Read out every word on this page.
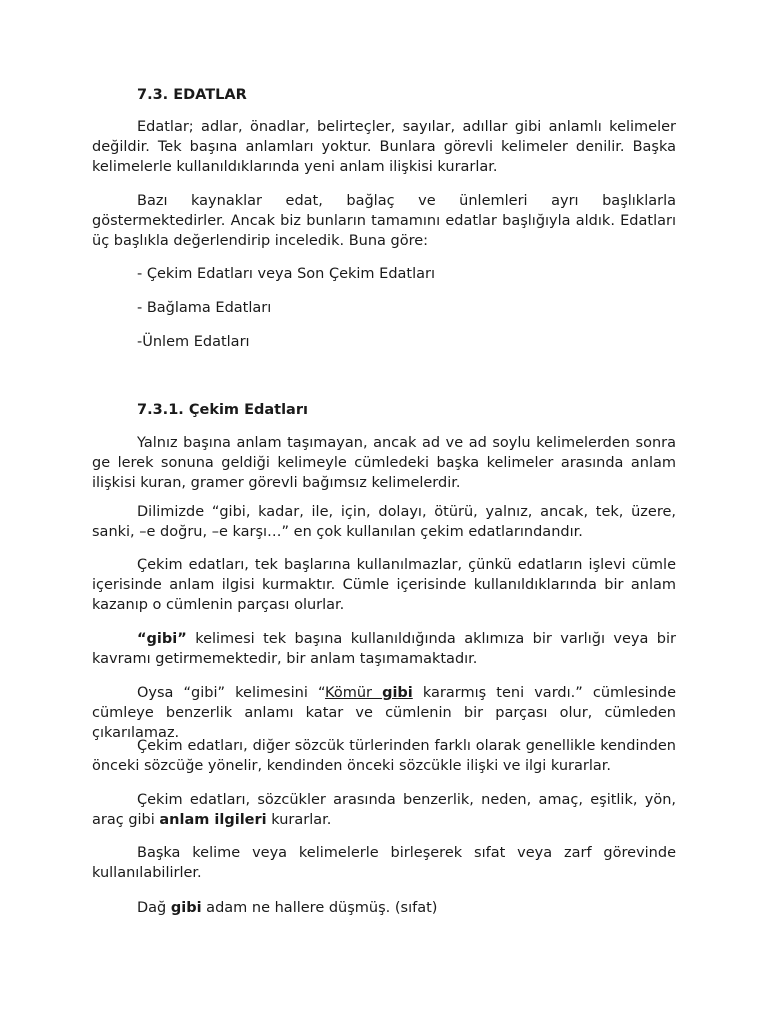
7.3. EDATLAR

Edatlar; adlar, önadlar, belirteçler, sayılar, adıllar gibi anlamlı kelimeler değildir. Tek başına anlamları yoktur. Bunlara görevli kelimeler denilir. Başka kelimelerle kullanıldıklarında yeni anlam ilişkisi kurarlar.

Bazı kaynaklar edat, bağlaç ve ünlemleri ayrı başlıklarla göstermektedirler. Ancak biz bunların tamamını edatlar başlığıyla aldık. Edatları üç başlıkla değerlendirip inceledik. Buna göre:

- Çekim Edatları veya Son Çekim Edatları

- Bağlama Edatları

-Ünlem Edatları

7.3.1. Çekim Edatları

Yalnız başına anlam taşımayan, ancak ad ve ad soylu kelimelerden sonra ge lerek sonuna geldiği kelimeyle cümledeki başka kelimeler arasında anlam ilişkisi kuran, gramer görevli bağımsız kelimelerdir.

Dilimizde “gibi, kadar, ile, için, dolayı, ötürü, yalnız, ancak, tek, üzere, sanki, –e doğru, –e karşı…” en çok kullanılan çekim edatlarındandır.

Çekim edatları, tek başlarına kullanılmazlar, çünkü edatların işlevi cümle içerisinde anlam ilgisi kurmaktır. Cümle içerisinde kullanıldıklarında bir anlam kazanıp o cümlenin parçası olurlar.

“gibi” kelimesi tek başına kullanıldığında aklımıza bir varlığı veya bir kavramı getirmemektedir, bir anlam taşımamaktadır.

Oysa “gibi” kelimesini “Kömür gibi kararmış teni vardı.” cümlesinde cümleye benzerlik anlamı katar ve cümlenin bir parçası olur, cümleden çıkarılamaz.

Çekim edatları, diğer sözcük türlerinden farklı olarak genellikle kendinden önceki sözcüğe yönelir, kendinden önceki sözcükle ilişki ve ilgi kurarlar.

Çekim edatları, sözcükler arasında benzerlik, neden, amaç, eşitlik, yön, araç gibi anlam ilgileri kurarlar.

Başka kelime veya kelimelerle birleşerek sıfat veya zarf görevinde kullanılabilirler.

Dağ gibi adam ne hallere düşmüş. (sıfat)
